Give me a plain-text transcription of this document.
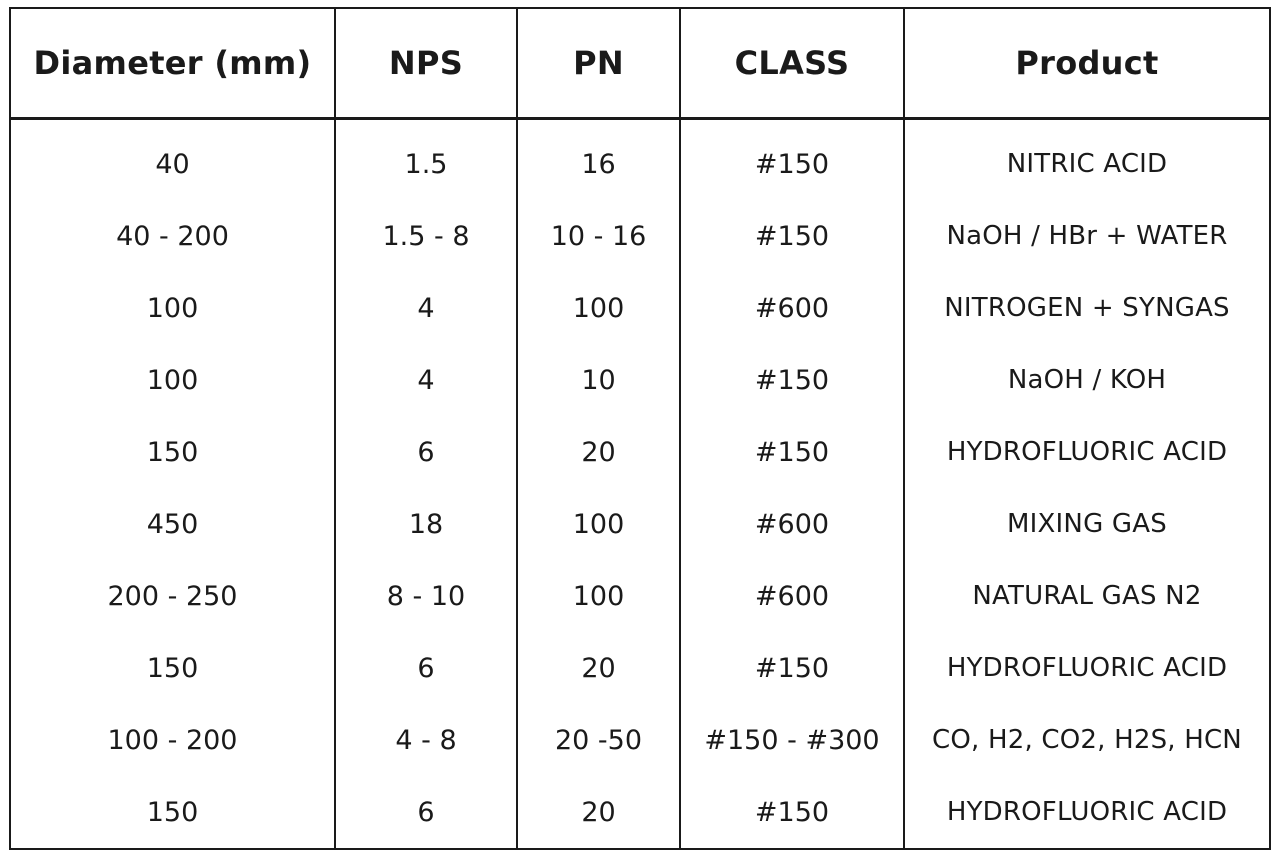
Diameter (mm)	NPS	PN	CLASS	Product
40	1.5	16	#150	NITRIC ACID
40 - 200	1.5 - 8	10 - 16	#150	NaOH / HBr + WATER
100	4	100	#600	NITROGEN + SYNGAS
100	4	10	#150	NaOH / KOH
150	6	20	#150	HYDROFLUORIC ACID
450	18	100	#600	MIXING GAS
200 - 250	8 - 10	100	#600	NATURAL GAS N2
150	6	20	#150	HYDROFLUORIC ACID
100 - 200	4 - 8	20 -50	#150 - #300	CO, H2, CO2, H2S, HCN
150	6	20	#150	HYDROFLUORIC ACID
